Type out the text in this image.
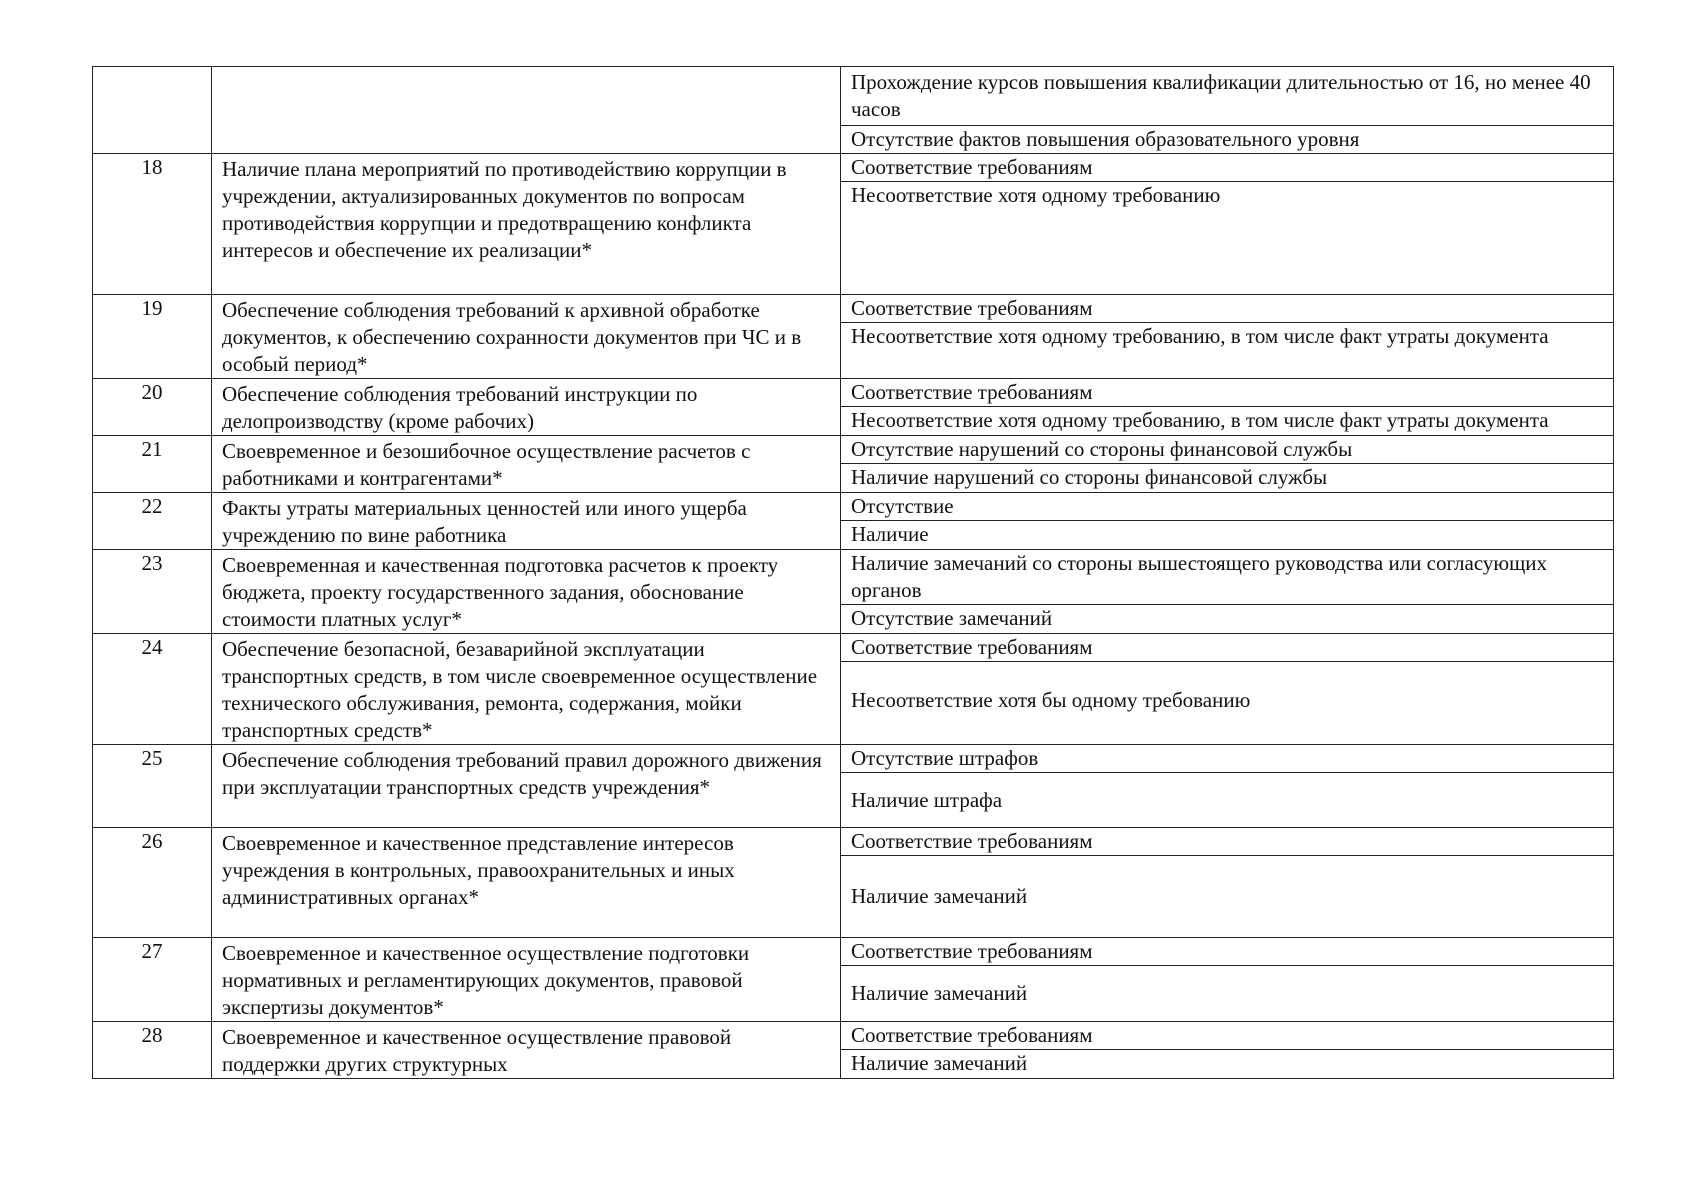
		Прохождение курсов повышения квалификации длительностью от 16, но менее 40 часов
Отсутствие фактов повышения образовательного уровня

18	Наличие плана мероприятий по противодействию коррупции в учреждении, актуализированных документов по вопросам противодействия коррупции и предотвращению конфликта интересов и обеспечение их реализации*	Соответствие требованиям
Несоответствие хотя одному требованию

19	Обеспечение соблюдения требований к архивной обработке документов, к обеспечению сохранности документов при ЧС и в особый период*	Соответствие требованиям
Несоответствие хотя одному требованию, в том числе факт утраты документа

20	Обеспечение соблюдения требований инструкции по делопроизводству (кроме рабочих)	Соответствие требованиям
Несоответствие хотя одному требованию, в том числе факт утраты документа

21	Своевременное и безошибочное осуществление расчетов с работниками и контрагентами*	Отсутствие нарушений со стороны финансовой службы
Наличие нарушений со стороны финансовой службы

22	Факты утраты материальных ценностей или иного ущерба учреждению по вине работника	Отсутствие
Наличие

23	Своевременная и качественная подготовка расчетов к проекту бюджета, проекту государственного задания, обоснование стоимости платных услуг*	Наличие замечаний со стороны вышестоящего руководства или согласующих органов
Отсутствие замечаний

24	Обеспечение безопасной, безаварийной эксплуатации транспортных средств, в том числе своевременное осуществление технического обслуживания, ремонта, содержания, мойки транспортных средств*	Соответствие требованиям
Несоответствие хотя бы одному требованию

25	Обеспечение соблюдения требований правил дорожного движения при эксплуатации транспортных средств учреждения*	Отсутствие штрафов
Наличие штрафа

26	Своевременное и качественное представление интересов учреждения в контрольных, правоохранительных и иных административных органах*	Соответствие требованиям
Наличие замечаний

27	Своевременное и качественное осуществление подготовки нормативных и регламентирующих документов, правовой экспертизы документов*	Соответствие требованиям
Наличие замечаний

28	Своевременное и качественное осуществление правовой поддержки других структурных	Соответствие требованиям
Наличие замечаний
